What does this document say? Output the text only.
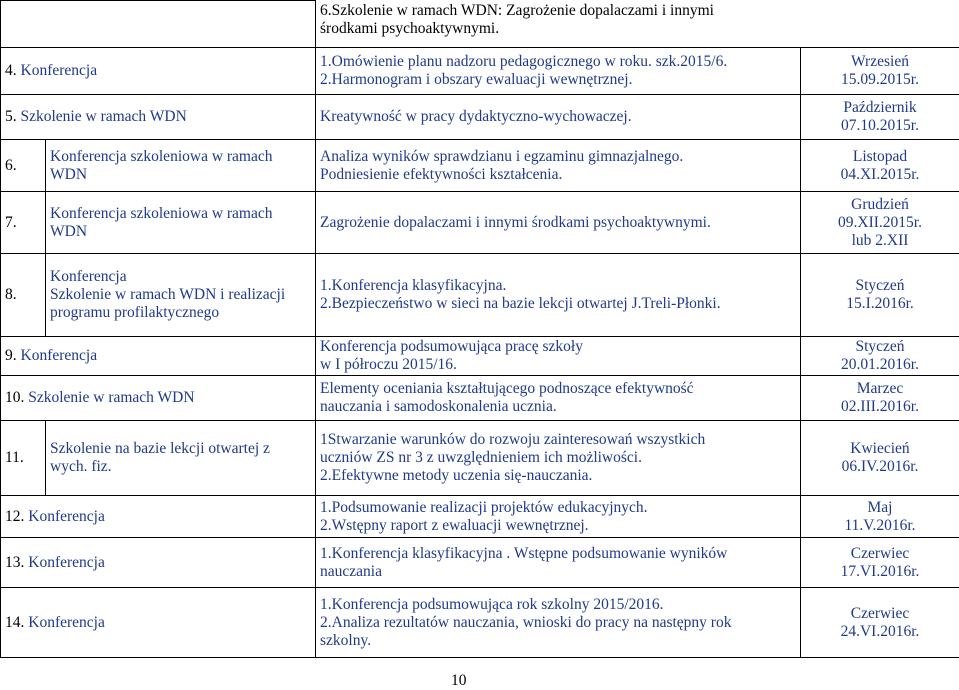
		6.Szkolenie w ramach WDN: Zagrożenie dopalaczami i innymi
środkami psychoaktywnymi.	

4. Konferencja		1.Omówienie planu nadzoru pedagogicznego w roku. szk.2015/6.
2.Harmonogram i obszary ewaluacji wewnętrznej.	Wrzesień
15.09.2015r.

5. Szkolenie w ramach WDN		Kreatywność w pracy dydaktyczno-wychowaczej.	Październik
07.10.2015r.

6.	Konferencja szkoleniowa w ramach
WDN	Analiza wyników sprawdzianu i egzaminu gimnazjalnego.
Podniesienie efektywności kształcenia.	Listopad
04.XI.2015r.

7.	Konferencja szkoleniowa w ramach
WDN	Zagrożenie dopalaczami i innymi środkami psychoaktywnymi.	Grudzień
09.XII.2015r.
lub 2.XII

8.	Konferencja
Szkolenie w ramach WDN i realizacji
programu profilaktycznego	1.Konferencja klasyfikacyjna.
2.Bezpieczeństwo w sieci na bazie lekcji otwartej J.Treli-Płonki.	Styczeń
15.I.2016r.

9. Konferencja		Konferencja podsumowująca pracę szkoły
w I półroczu 2015/16.	Styczeń
20.01.2016r.

10. Szkolenie w ramach WDN		Elementy oceniania kształtującego podnoszące efektywność
nauczania i samodoskonalenia ucznia.	Marzec
02.III.2016r.

11.	Szkolenie na bazie lekcji otwartej z
wych. fiz.	1Stwarzanie warunków do rozwoju zainteresowań wszystkich
uczniów ZS nr 3 z uwzględnieniem ich możliwości.
2.Efektywne metody uczenia się-nauczania.	Kwiecień
06.IV.2016r.

12. Konferencja		1.Podsumowanie realizacji projektów edukacyjnych.
2.Wstępny raport z ewaluacji wewnętrznej.	Maj
11.V.2016r.

13. Konferencja		1.Konferencja klasyfikacyjna . Wstępne podsumowanie wyników
nauczania	Czerwiec
17.VI.2016r.

14. Konferencja		1.Konferencja podsumowująca rok szkolny 2015/2016.
2.Analiza rezultatów nauczania, wnioski do pracy na następny rok
szkolny.	Czerwiec
24.VI.2016r.
10
